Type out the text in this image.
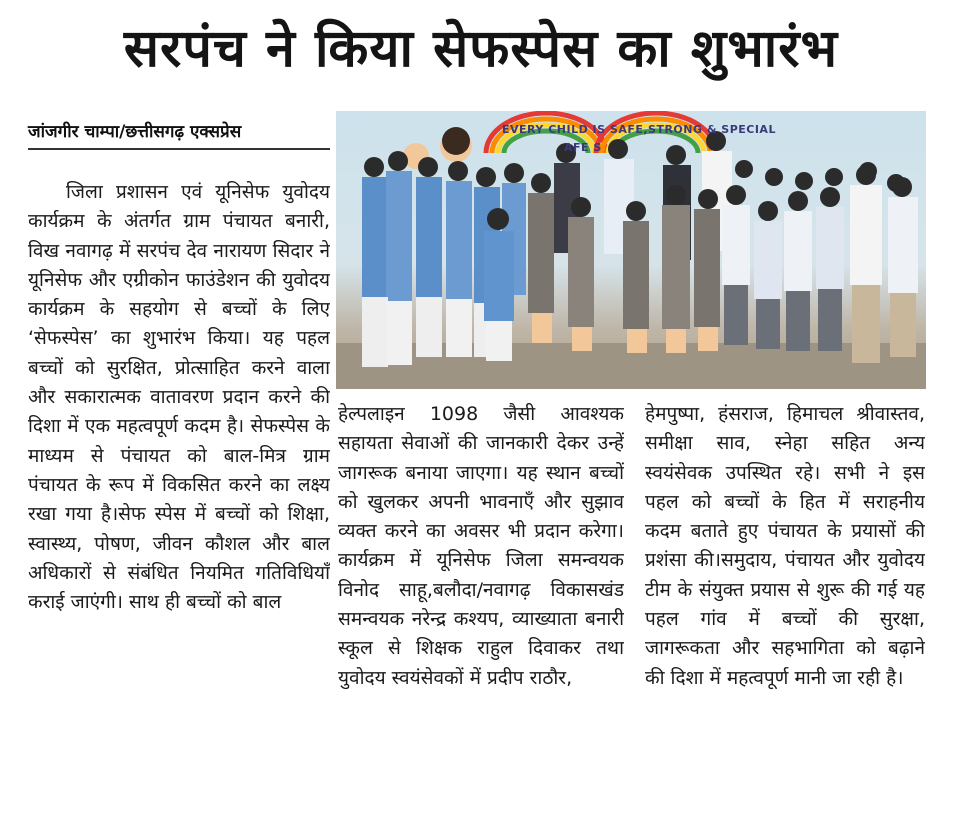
सरपंच ने किया सेफस्पेस का शुभारंभ
जांजगीर चाम्पा/छत्तीसगढ़ एक्सप्रेस
जिला प्रशासन एवं यूनिसेफ युवोदय कार्यक्रम के अंतर्गत ग्राम पंचायत बनारी, विख नवागढ़ में सरपंच देव नारायण सिदार ने यूनिसेफ और एग्रीकोन फाउंडेशन की युवोदय कार्यक्रम के सहयोग से बच्चों के लिए ‘सेफस्पेस’ का शुभारंभ किया। यह पहल बच्चों को सुरक्षित, प्रोत्साहित करने वाला और सकारात्मक वातावरण प्रदान करने की दिशा में एक महत्वपूर्ण कदम है। सेफस्पेस के माध्यम से पंचायत को बाल-मित्र ग्राम पंचायत के रूप में विकसित करने का लक्ष्य रखा गया है।सेफ स्पेस में बच्चों को शिक्षा, स्वास्थ्य, पोषण, जीवन कौशल और बाल अधिकारों से संबंधित नियमित गतिविधियाँ कराई जाएंगी। साथ ही बच्चों को बाल
EVERY CHILD IS SAFE,STRONG & SPECIAL
AFE S
हेल्पलाइन 1098 जैसी आवश्यक सहायता सेवाओं की जानकारी देकर उन्हें जागरूक बनाया जाएगा। यह स्थान बच्चों को खुलकर अपनी भावनाएँ और सुझाव व्यक्त करने का अवसर भी प्रदान करेगा।कार्यक्रम में यूनिसेफ जिला समन्वयक विनोद साहू,बलौदा/नवागढ़ विकासखंड समन्वयक नरेन्द्र कश्यप, व्याख्याता बनारी स्कूल से शिक्षक राहुल दिवाकर तथा युवोदय स्वयंसेवकों में प्रदीप राठौर,
हेमपुष्पा, हंसराज, हिमाचल श्रीवास्तव, समीक्षा साव, स्नेहा सहित अन्य स्वयंसेवक उपस्थित रहे। सभी ने इस पहल को बच्चों के हित में सराहनीय कदम बताते हुए पंचायत के प्रयासों की प्रशंसा की।समुदाय, पंचायत और युवोदय टीम के संयुक्त प्रयास से शुरू की गई यह पहल गांव में बच्चों की सुरक्षा, जागरूकता और सहभागिता को बढ़ाने की दिशा में महत्वपूर्ण मानी जा रही है।
